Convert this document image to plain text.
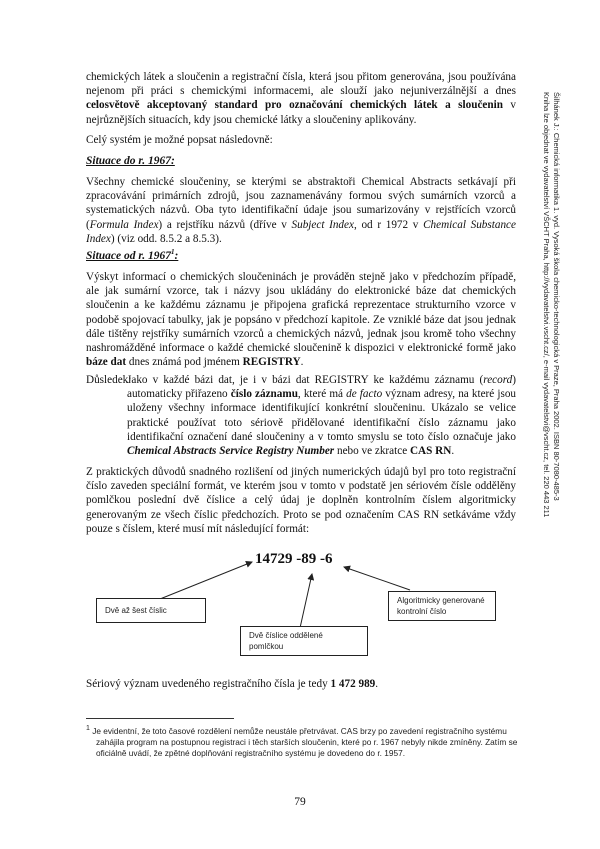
Šilhánek J.: Chemická informatika 1. vyd. Vysoká škola chemicko-technologická v Praze, Praha 2002. ISBN 80-7080-485-3
Kniha lze objednat ve vydavatelství VŠCHT Praha, http://vydavatelstvi.vscht.cz/, e-mail vydavatelstvi@vscht.cz, tel. 220 443 211

chemických látek a sloučenin a registrační čísla, která jsou přitom generována, jsou používána nejenom při práci s chemickými informacemi, ale slouží jako nejuniverzálnější a dnes celosvětově akceptovaný standard pro označování chemických látek a sloučenin v nejrůznějších situacích, kdy jsou chemické látky a sloučeniny aplikovány.

Celý systém je možné popsat následovně:

Situace do r. 1967:

Všechny chemické sloučeniny, se kterými se abstraktoři Chemical Abstracts setkávají při zpracovávání primárních zdrojů, jsou zaznamenávány formou svých sumárních vzorců a systematických názvů. Oba tyto identifikační údaje jsou sumarizovány v rejstřících vzorců (Formula Index) a rejstříku názvů (dříve v Subject Index, od r 1972 v Chemical Substance Index) (viz odd. 8.5.2 a 8.5.3).

Situace od r. 1967$^1$:

Výskyt informací o chemických sloučeninách je prováděn stejně jako v předchozím případě, ale jak sumární vzorce, tak i názvy jsou ukládány do elektronické báze dat chemických sloučenin a ke každému záznamu je připojena grafická reprezentace strukturního vzorce v podobě spojovací tabulky, jak je popsáno v předchozí kapitole. Ze vzniklé báze dat jsou jednak dále tištěny rejstříky sumárních vzorců a chemických názvů, jednak jsou kromě toho všechny nashromážděné informace o každé chemické sloučenině k dispozici v elektronické formě jako báze dat dnes známá pod jménem REGISTRY.

Důsledek:
Jako v každé bázi dat, je i v bázi dat REGISTRY ke každému záznamu (record) automaticky přiřazeno číslo záznamu, které má de facto význam adresy, na které jsou uloženy všechny informace identifikující konkrétní sloučeninu. Ukázalo se velice praktické používat toto sériově přidělované identifikační číslo záznamu jako identifikační označení dané sloučeniny a v tomto smyslu se toto číslo označuje jako Chemical Abstracts Service Registry Number nebo ve zkratce CAS RN.

Z praktických důvodů snadného rozlišení od jiných numerických údajů byl pro toto registrační číslo zaveden speciální formát, ve kterém jsou v tomto v podstatě jen sériovém čísle oddělěny pomlčkou poslední dvě číslice a celý údaj je doplněn kontrolním číslem algoritmicky generovaným ze všech číslic předchozích. Proto se pod označením CAS RN setkáváme vždy pouze s číslem, které musí mít následující formát:

14729 -89 -6
Dvě až šest číslic
Dvě číslice oddělené pomlčkou
Algoritmicky generované kontrolní číslo

Sériový význam uvedeného registračního čísla je tedy 1 472 989.

$^1$ Je evidentní, že toto časové rozdělení nemůže neustále přetrvávat. CAS brzy po zavedení registračního systému zahájila program na postupnou registraci i těch starších sloučenin, které po r. 1967 nebyly nikde zmíněny. Zatím se oficiálně uvádí, že zpětné doplňování registračního systému je dovedeno do r. 1957.
79
